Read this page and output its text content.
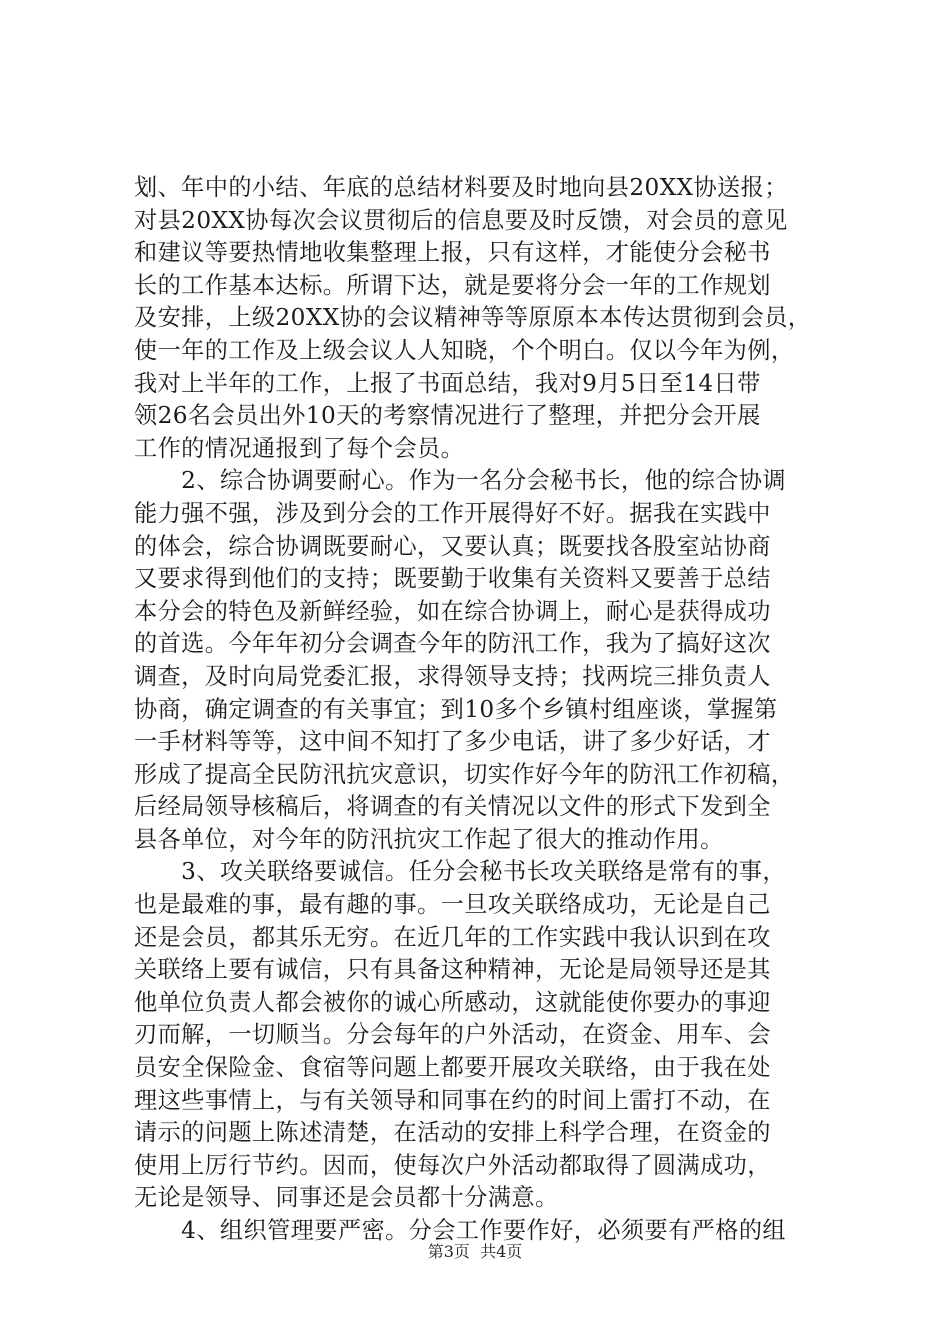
划、年中的小结、年底的总结材料要及时地向县20XX协送报；
对县20XX协每次会议贯彻后的信息要及时反馈，对会员的意见
和建议等要热情地收集整理上报，只有这样，才能使分会秘书
长的工作基本达标。所谓下达，就是要将分会一年的工作规划
及安排，上级20XX协的会议精神等等原原本本传达贯彻到会员，
使一年的工作及上级会议人人知晓，个个明白。仅以今年为例，
我对上半年的工作，上报了书面总结，我对9月5日至14日带
领26名会员出外10天的考察情况进行了整理，并把分会开展
工作的情况通报到了每个会员。
　　2、综合协调要耐心。作为一名分会秘书长，他的综合协调
能力强不强，涉及到分会的工作开展得好不好。据我在实践中
的体会，综合协调既要耐心，又要认真；既要找各股室站协商
又要求得到他们的支持；既要勤于收集有关资料又要善于总结
本分会的特色及新鲜经验，如在综合协调上，耐心是获得成功
的首选。今年年初分会调查今年的防汛工作，我为了搞好这次
调查，及时向局党委汇报，求得领导支持；找两垸三排负责人
协商，确定调查的有关事宜；到10多个乡镇村组座谈，掌握第
一手材料等等，这中间不知打了多少电话，讲了多少好话，才
形成了提高全民防汛抗灾意识，切实作好今年的防汛工作初稿，
后经局领导核稿后，将调查的有关情况以文件的形式下发到全
县各单位，对今年的防汛抗灾工作起了很大的推动作用。
　　3、攻关联络要诚信。任分会秘书长攻关联络是常有的事，
也是最难的事，最有趣的事。一旦攻关联络成功，无论是自己
还是会员，都其乐无穷。在近几年的工作实践中我认识到在攻
关联络上要有诚信，只有具备这种精神，无论是局领导还是其
他单位负责人都会被你的诚心所感动，这就能使你要办的事迎
刃而解，一切顺当。分会每年的户外活动，在资金、用车、会
员安全保险金、食宿等问题上都要开展攻关联络，由于我在处
理这些事情上，与有关领导和同事在约的时间上雷打不动，在
请示的问题上陈述清楚，在活动的安排上科学合理，在资金的
使用上厉行节约。因而，使每次户外活动都取得了圆满成功，
无论是领导、同事还是会员都十分满意。
　　4、组织管理要严密。分会工作要作好，必须要有严格的组
第3页  共4页
